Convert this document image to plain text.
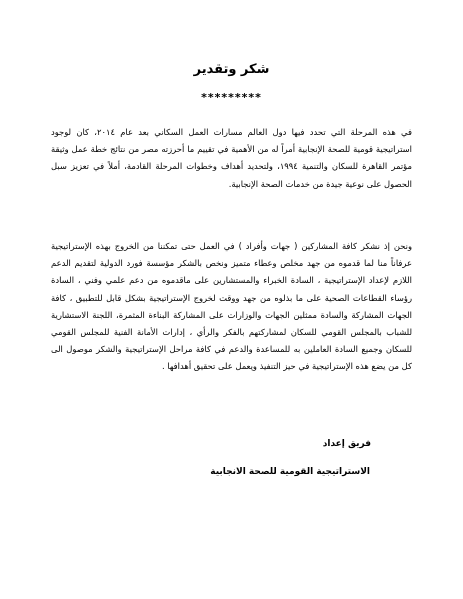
شكر وتقدير
*********

في هذه المرحلة التي تحدد فيها دول العالم مسارات العمل السكاني بعد عام ٢٠١٤، كان لوجود استراتيجية قومية للصحة الإنجابية أمراً له من الأهمية في تقييم ما أحرزته مصر من نتائج خطة عمل وثيقة مؤتمر القاهرة للسكان والتنمية ١٩٩٤، ولتحديد أهداف وخطوات المرحلة القادمة، أملاً في تعزيز سبل الحصول على نوعية جيدة من خدمات الصحة الإنجابية.

ونحن إذ نشكر كافة المشاركين ( جهات وأفراد ) في العمل حتى تمكننا من الخروج بهذه الإستراتيجية عرفاناً منا لما قدموه من جهد مخلص وعطاء متميز ونخص بالشكر مؤسسة فورد الدولية لتقديم الدعم اللازم لإعداد الإستراتيجية ، السادة الخبراء والمستشارين على ماقدموه من دعم علمي وفني ، السادة رؤساء القطاعات الصحية على ما بذلوه من جهد ووقت لخروج الإستراتيجية بشكل قابل للتطبيق ، كافة الجهات المشاركة والسادة ممثلين الجهات والوزارات على المشاركة البناءة المثمرة، اللجنة الاستشارية للشباب بالمجلس القومي للسكان لمشاركتهم بالفكر والرأي ، إدارات الأمانة الفنية للمجلس القومي للسكان وجميع السادة العاملين به للمساعدة والدعم في كافة مراحل الإستراتيجية والشكر موصول الى كل من يضع هذه الإستراتيجية في حيز التنفيذ ويعمل على تحقيق أهدافها .

فريق إعداد
الاستراتيجية القومية للصحة الانجابية
